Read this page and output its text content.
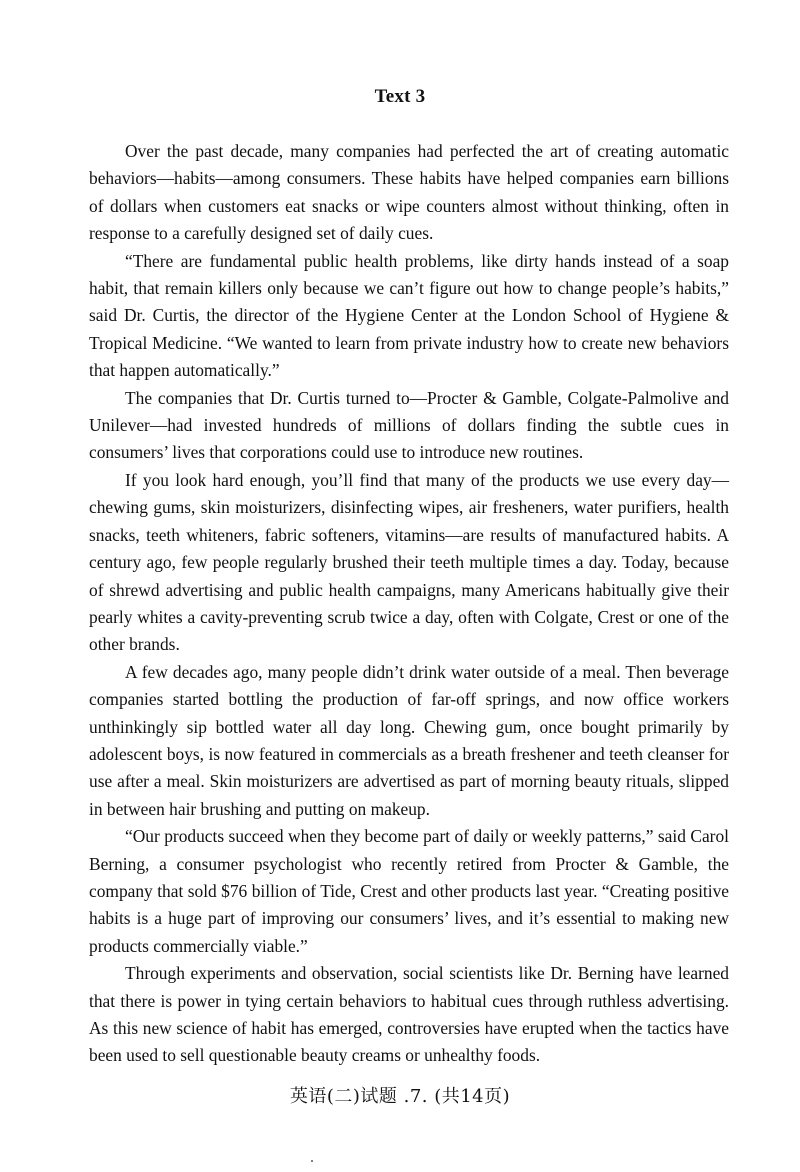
Text 3

Over the past decade, many companies had perfected the art of creating automatic behaviors—habits—among consumers. These habits have helped companies earn billions of dollars when customers eat snacks or wipe counters almost without thinking, often in response to a carefully designed set of daily cues.

“There are fundamental public health problems, like dirty hands instead of a soap habit, that remain killers only because we can’t figure out how to change people’s habits,” said Dr. Curtis, the director of the Hygiene Center at the London School of Hygiene & Tropical Medicine. “We wanted to learn from private industry how to create new behaviors that happen automatically.”

The companies that Dr. Curtis turned to—Procter & Gamble, Colgate-Palmolive and Unilever—had invested hundreds of millions of dollars finding the subtle cues in consumers’ lives that corporations could use to introduce new routines.

If you look hard enough, you’ll find that many of the products we use every day—chewing gums, skin moisturizers, disinfecting wipes, air fresheners, water purifiers, health snacks, teeth whiteners, fabric softeners, vitamins—are results of manufactured habits. A century ago, few people regularly brushed their teeth multiple times a day. Today, because of shrewd advertising and public health campaigns, many Americans habitually give their pearly whites a cavity-preventing scrub twice a day, often with Colgate, Crest or one of the other brands.

A few decades ago, many people didn’t drink water outside of a meal. Then beverage companies started bottling the production of far-off springs, and now office workers unthinkingly sip bottled water all day long. Chewing gum, once bought primarily by adolescent boys, is now featured in commercials as a breath freshener and teeth cleanser for use after a meal. Skin moisturizers are advertised as part of morning beauty rituals, slipped in between hair brushing and putting on makeup.

“Our products succeed when they become part of daily or weekly patterns,” said Carol Berning, a consumer psychologist who recently retired from Procter & Gamble, the company that sold $76 billion of Tide, Crest and other products last year. “Creating positive habits is a huge part of improving our consumers’ lives, and it’s essential to making new products commercially viable.”

Through experiments and observation, social scientists like Dr. Berning have learned that there is power in tying certain behaviors to habitual cues through ruthless advertising. As this new science of habit has emerged, controversies have erupted when the tactics have been used to sell questionable beauty creams or unhealthy foods.

英语(二)试题 .7. (共14页)
